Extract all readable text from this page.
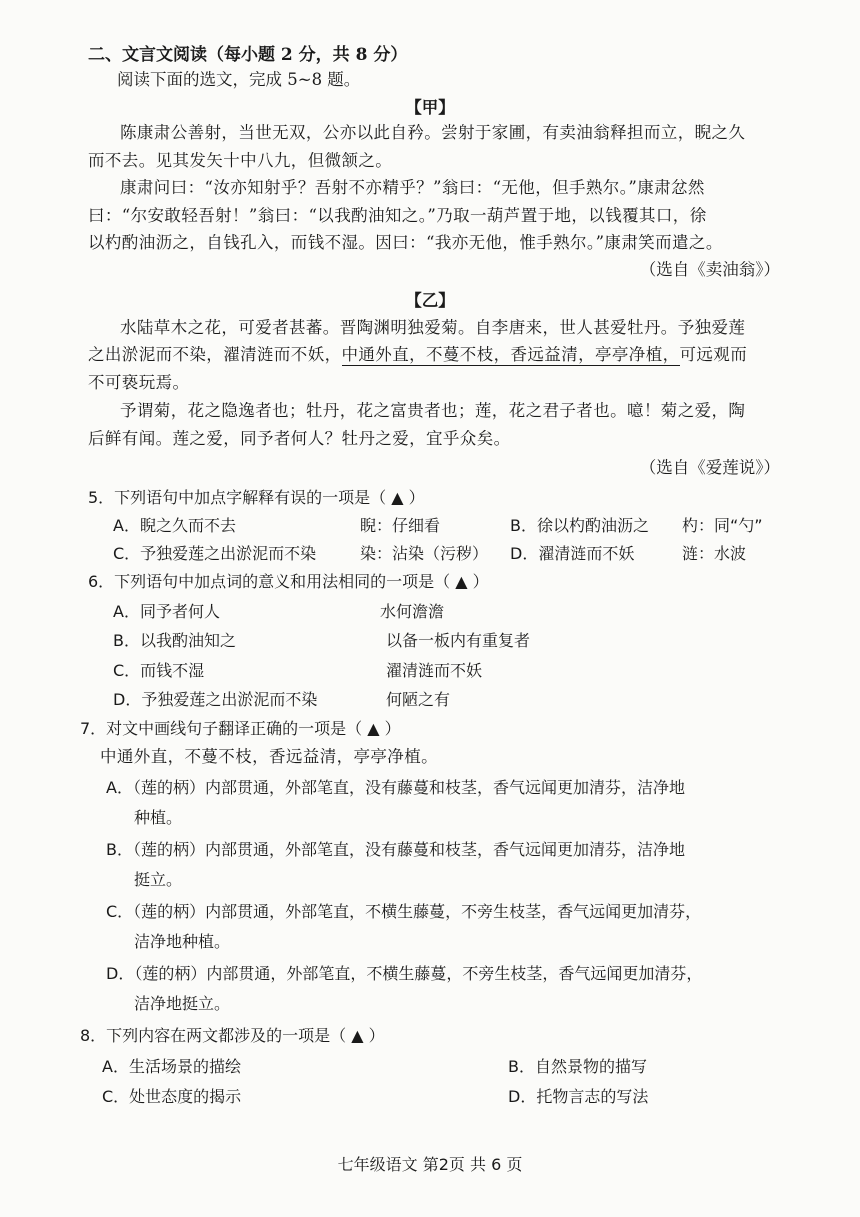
二、文言文阅读（每小题 2 分，共 8 分）
阅读下面的选文，完成 5~8 题。
【甲】
陈康肃公善射，当世无双，公亦以此自矜。尝射于家圃，有卖油翁释担而立，睨之久
而不去。见其发矢十中八九，但微颔之。
康肃问曰：“汝亦知射乎？吾射不亦精乎？”翁曰：“无他，但手熟尔。”康肃忿然
曰：“尔安敢轻吾射！”翁曰：“以我酌油知之。”乃取一葫芦置于地，以钱覆其口，徐
以杓酌油沥之，自钱孔入，而钱不湿。因曰：“我亦无他，惟手熟尔。”康肃笑而遣之。
（选自《卖油翁》）
【乙】
水陆草木之花，可爱者甚蕃。晋陶渊明独爱菊。自李唐来，世人甚爱牡丹。予独爱莲
之出淤泥而不染，濯清涟而不妖，中通外直，不蔓不枝，香远益清，亭亭净植，可远观而
不可亵玩焉。
予谓菊，花之隐逸者也；牡丹，花之富贵者也；莲，花之君子者也。噫！菊之爱，陶
后鲜有闻。莲之爱，同予者何人？牡丹之爱，宜乎众矣。
（选自《爱莲说》）
5．下列语句中加点字解释有误的一项是（ ▲ ）
A．睨之久而不去	睨：仔细看	B．徐以杓酌油沥之 杓：同“勺”
C．予独爱莲之出淤泥而不染	染：沾染（污秽） D．濯清涟而不妖	涟：水波
6．下列语句中加点词的意义和用法相同的一项是（ ▲ ）
A．同予者何人	水何澹澹
B．以我酌油知之	以备一板内有重复者
C．而钱不湿	濯清涟而不妖
D．予独爱莲之出淤泥而不染	何陋之有
7．对文中画线句子翻译正确的一项是（ ▲ ）
中通外直，不蔓不枝，香远益清，亭亭净植。
A．（莲的柄）内部贯通，外部笔直，没有藤蔓和枝茎，香气远闻更加清芬，洁净地
种植。
B．（莲的柄）内部贯通，外部笔直，没有藤蔓和枝茎，香气远闻更加清芬，洁净地
挺立。
C．（莲的柄）内部贯通，外部笔直，不横生藤蔓，不旁生枝茎，香气远闻更加清芬，
洁净地种植。
D．（莲的柄）内部贯通，外部笔直，不横生藤蔓，不旁生枝茎，香气远闻更加清芬，
洁净地挺立。
8．下列内容在两文都涉及的一项是（ ▲ ）
A．生活场景的描绘	B．自然景物的描写
C．处世态度的揭示	D．托物言志的写法
七年级语文 第2页 共 6 页
